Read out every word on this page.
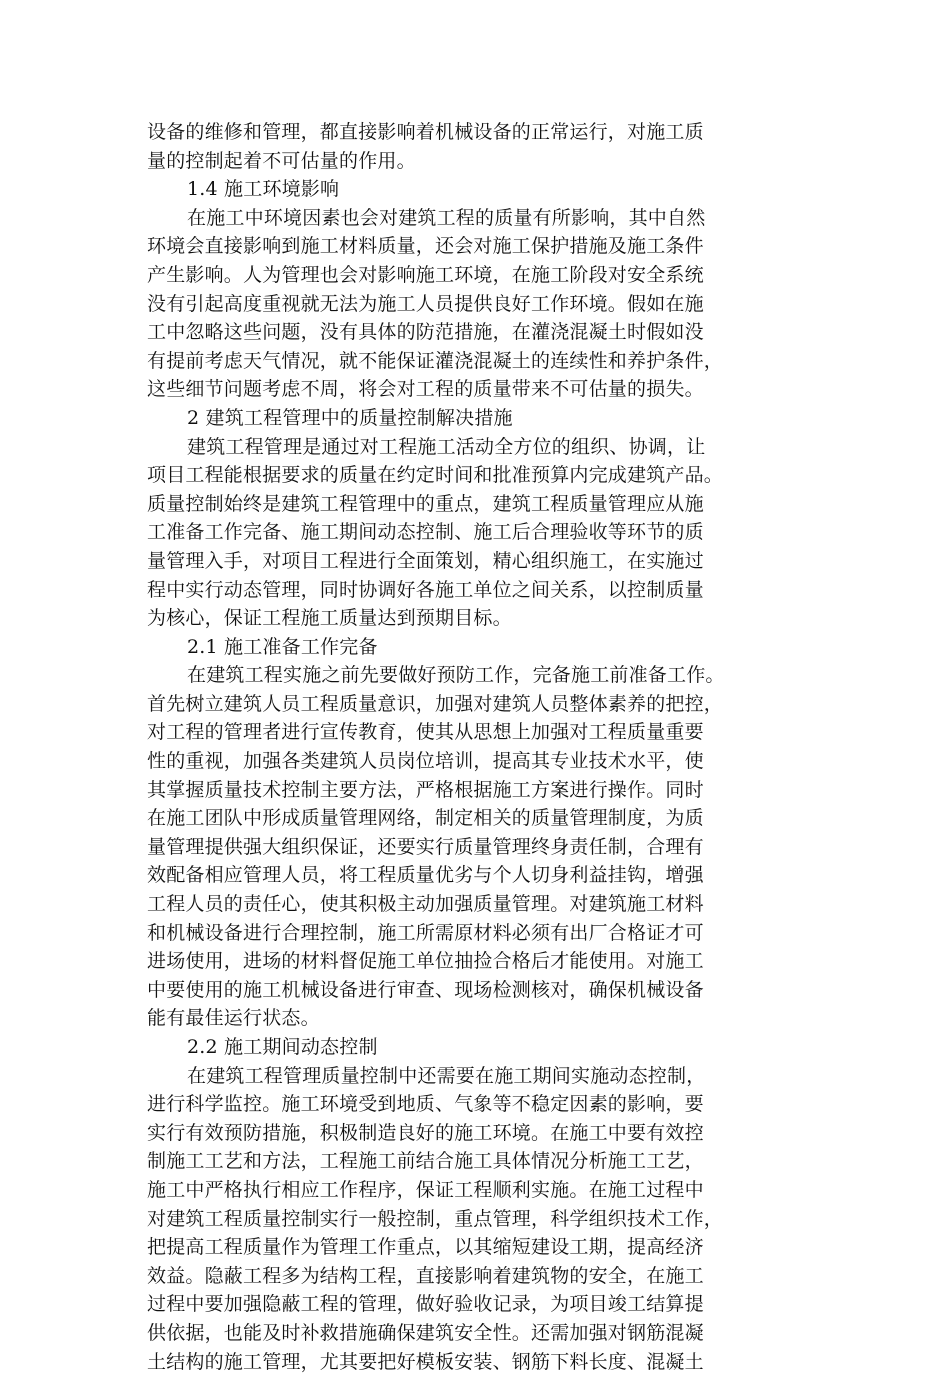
设备的维修和管理，都直接影响着机械设备的正常运行，对施工质
量的控制起着不可估量的作用。
1.4 施工环境影响
在施工中环境因素也会对建筑工程的质量有所影响，其中自然
环境会直接影响到施工材料质量，还会对施工保护措施及施工条件
产生影响。人为管理也会对影响施工环境，在施工阶段对安全系统
没有引起高度重视就无法为施工人员提供良好工作环境。假如在施
工中忽略这些问题，没有具体的防范措施，在灌浇混凝土时假如没
有提前考虑天气情况，就不能保证灌浇混凝土的连续性和养护条件，
这些细节问题考虑不周，将会对工程的质量带来不可估量的损失。
2 建筑工程管理中的质量控制解决措施
建筑工程管理是通过对工程施工活动全方位的组织、协调，让
项目工程能根据要求的质量在约定时间和批准预算内完成建筑产品。
质量控制始终是建筑工程管理中的重点，建筑工程质量管理应从施
工准备工作完备、施工期间动态控制、施工后合理验收等环节的质
量管理入手，对项目工程进行全面策划，精心组织施工，在实施过
程中实行动态管理，同时协调好各施工单位之间关系，以控制质量
为核心，保证工程施工质量达到预期目标。
2.1 施工准备工作完备
在建筑工程实施之前先要做好预防工作，完备施工前准备工作。
首先树立建筑人员工程质量意识，加强对建筑人员整体素养的把控，
对工程的管理者进行宣传教育，使其从思想上加强对工程质量重要
性的重视，加强各类建筑人员岗位培训，提高其专业技术水平，使
其掌握质量技术控制主要方法，严格根据施工方案进行操作。同时
在施工团队中形成质量管理网络，制定相关的质量管理制度，为质
量管理提供强大组织保证，还要实行质量管理终身责任制，合理有
效配备相应管理人员，将工程质量优劣与个人切身利益挂钩，增强
工程人员的责任心，使其积极主动加强质量管理。对建筑施工材料
和机械设备进行合理控制，施工所需原材料必须有出厂合格证才可
进场使用，进场的材料督促施工单位抽捡合格后才能使用。对施工
中要使用的施工机械设备进行审查、现场检测核对，确保机械设备
能有最佳运行状态。
2.2 施工期间动态控制
在建筑工程管理质量控制中还需要在施工期间实施动态控制，
进行科学监控。施工环境受到地质、气象等不稳定因素的影响，要
实行有效预防措施，积极制造良好的施工环境。在施工中要有效控
制施工工艺和方法，工程施工前结合施工具体情况分析施工工艺，
施工中严格执行相应工作程序，保证工程顺利实施。在施工过程中
对建筑工程质量控制实行一般控制，重点管理，科学组织技术工作，
把提高工程质量作为管理工作重点，以其缩短建设工期，提高经济
效益。隐蔽工程多为结构工程，直接影响着建筑物的安全，在施工
过程中要加强隐蔽工程的管理，做好验收记录，为项目竣工结算提
供依据，也能及时补救措施确保建筑安全性。还需加强对钢筋混凝
土结构的施工管理，尤其要把好模板安装、钢筋下料长度、混凝土
